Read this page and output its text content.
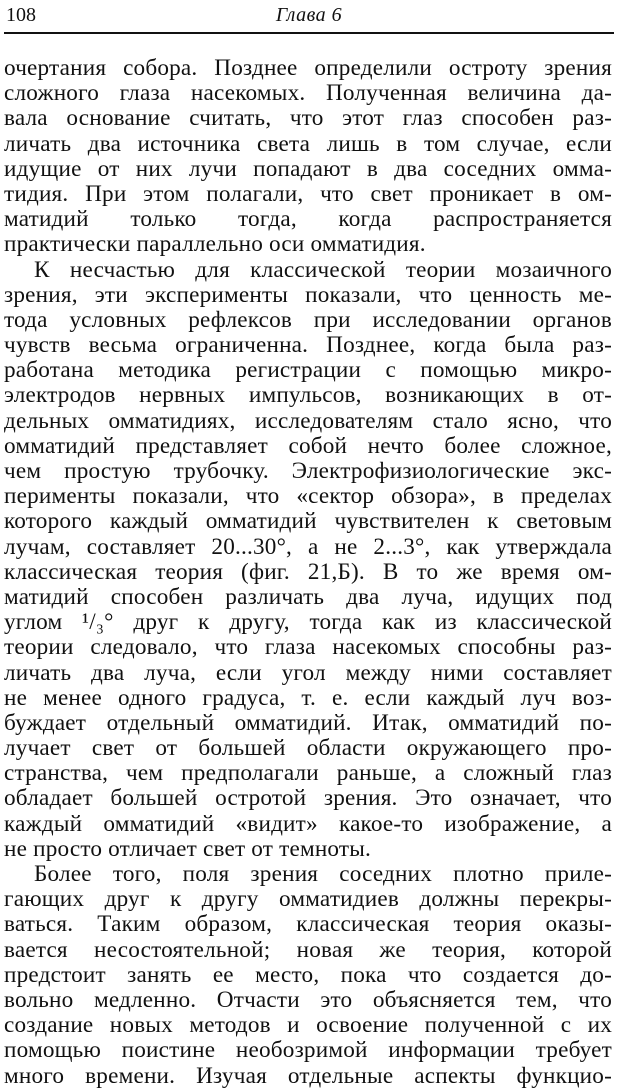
108	Глава 6
очертания собора. Позднее определили остроту зрения
сложного глаза насекомых. Полученная величина да-
вала основание считать, что этот глаз способен раз-
личать два источника света лишь в том случае, если
идущие от них лучи попадают в два соседних омма-
тидия. При этом полагали, что свет проникает в ом-
матидий только тогда, когда распространяется
практически параллельно оси омматидия.
К несчастью для классической теории мозаичного
зрения, эти эксперименты показали, что ценность ме-
тода условных рефлексов при исследовании органов
чувств весьма ограниченна. Позднее, когда была раз-
работана методика регистрации с помощью микро-
электродов нервных импульсов, возникающих в от-
дельных омматидиях, исследователям стало ясно, что
омматидий представляет собой нечто более сложное,
чем простую трубочку. Электрофизиологические экс-
перименты показали, что «сектор обзора», в пределах
которого каждый омматидий чувствителен к световым
лучам, составляет 20...30°, а не 2...3°, как утверждала
классическая теория (фиг. 21,Б). В то же время ом-
матидий способен различать два луча, идущих под
углом ¹/₃° друг к другу, тогда как из классической
теории следовало, что глаза насекомых способны раз-
личать два луча, если угол между ними составляет
не менее одного градуса, т. е. если каждый луч воз-
буждает отдельный омматидий. Итак, омматидий по-
лучает свет от большей области окружающего про-
странства, чем предполагали раньше, а сложный глаз
обладает большей остротой зрения. Это означает, что
каждый омматидий «видит» какое-то изображение, а
не просто отличает свет от темноты.
Более того, поля зрения соседних плотно приле-
гающих друг к другу омматидиев должны перекры-
ваться. Таким образом, классическая теория оказы-
вается несостоятельной; новая же теория, которой
предстоит занять ее место, пока что создается до-
вольно медленно. Отчасти это объясняется тем, что
создание новых методов и освоение полученной с их
помощью поистине необозримой информации требует
много времени. Изучая отдельные аспекты функцио-
